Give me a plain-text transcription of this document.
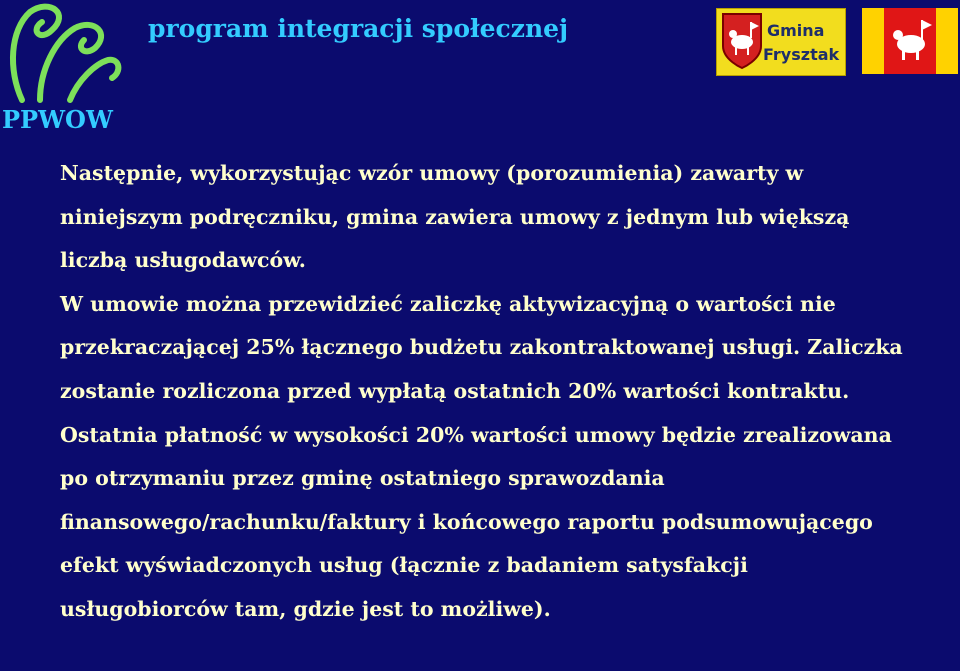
PPWOW
program integracji społecznej	Gmina
Frysztak

Następnie, wykorzystując wzór umowy (porozumienia) zawarty w niniejszym podręczniku, gmina zawiera umowy z jednym lub większą liczbą usługodawców.

W umowie można przewidzieć zaliczkę aktywizacyjną o wartości nie przekraczającej 25% łącznego budżetu zakontraktowanej usługi. Zaliczka zostanie rozliczona przed wypłatą ostatnich 20% wartości kontraktu.

Ostatnia płatność w wysokości 20% wartości umowy będzie zrealizowana po otrzymaniu przez gminę ostatniego sprawozdania finansowego/rachunku/faktury i końcowego raportu podsumowującego efekt wyświadczonych usług (łącznie z badaniem satysfakcji usługobiorców tam, gdzie jest to możliwe).
